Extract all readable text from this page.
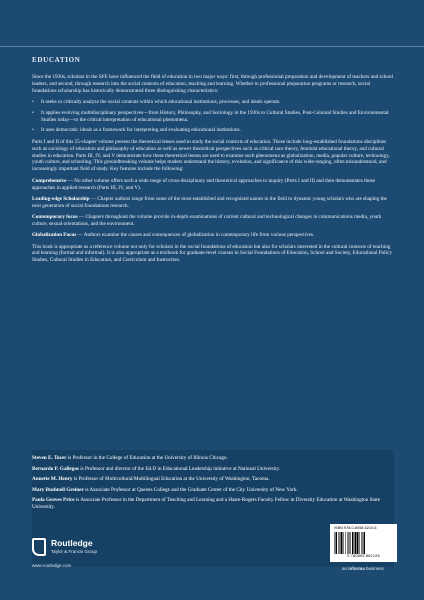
EDUCATION

Since the 1930s, scholars in the SFE have influenced the field of education in two major ways: first, through professional preparation and development of teachers and school leaders, and second, through research into the social contexts of education, teaching and learning. Whether in professional preparation programs or research, social foundations scholarship has historically demonstrated three distinguishing characteristics:

• It seeks to critically analyze the social contexts within which educational institutions, processes, and ideals operate.
• It applies evolving multidisciplinary perspectives—from History, Philosophy, and Sociology in the 1930s to Cultural Studies, Post-Colonial Studies and Environmental Studies today—to the critical interpretation of educational phenomena.
• It uses democratic ideals as a framework for interpreting and evaluating educational institutions.

Parts I and II of this 55-chapter volume present the theoretical lenses used to study the social contexts of education. These include long-established foundations disciplines such as sociology of education and philosophy of education as well as newer theoretical perspectives such as critical race theory, feminist educational theory, and cultural studies in education. Parts III, IV, and V demonstrate how these theoretical lenses are used to examine such phenomena as globalization, media, popular culture, technology, youth culture, and schooling. This groundbreaking volume helps readers understand the history, evolution, and significance of this wide-ranging, often misunderstood, and increasingly important field of study. Key features include the following:

Comprehensive — No other volume offers such a wide range of cross-disciplinary and theoretical approaches to inquiry (Parts I and II) and then demonstrates those approaches in applied research (Parts III, IV, and V).

Leading-edge Scholarship — Chapter authors range from some of the most established and recognized names in the field to dynamic young scholars who are shaping the next generation of social foundations research.

Contemporary focus — Chapters throughout the volume provide in-depth examinations of current cultural and technological changes in communications media, youth culture, sexual orientations, and the environment.

Globalization Focus — Authors examine the causes and consequences of globalization in contemporary life from various perspectives.

This book is appropriate as a reference volume not only for scholars in the social foundations of education but also for scholars interested in the cultural contexts of teaching and learning (formal and informal). It is also appropriate as a textbook for graduate-level courses in Social Foundations of Education, School and Society, Educational Policy Studies, Cultural Studies in Education, and Curriculum and Instruction.

Steven E. Tozer is Professor in the College of Education at the University of Illinois Chicago.
Bernardo P. Gallegos is Professor and director of the Ed.D in Educational Leadership initiative at National University.
Annette M. Henry is Professor of Multicultural/Multilingual Education at the University of Washington, Tacoma.
Mary Bushnell Greiner is Associate Professor at Queens College and the Graduate Center of the City University of New York.
Paula Groves Price is Associate Professor in the Department of Teaching and Learning and a Haste-Rogers Faculty Fellow in Diversity Education at Washington State University.
Routledge
Taylor & Francis Group
www.routledge.com
ISBN 978-0-8058-6210-6
9 780805 862126
an informa business
